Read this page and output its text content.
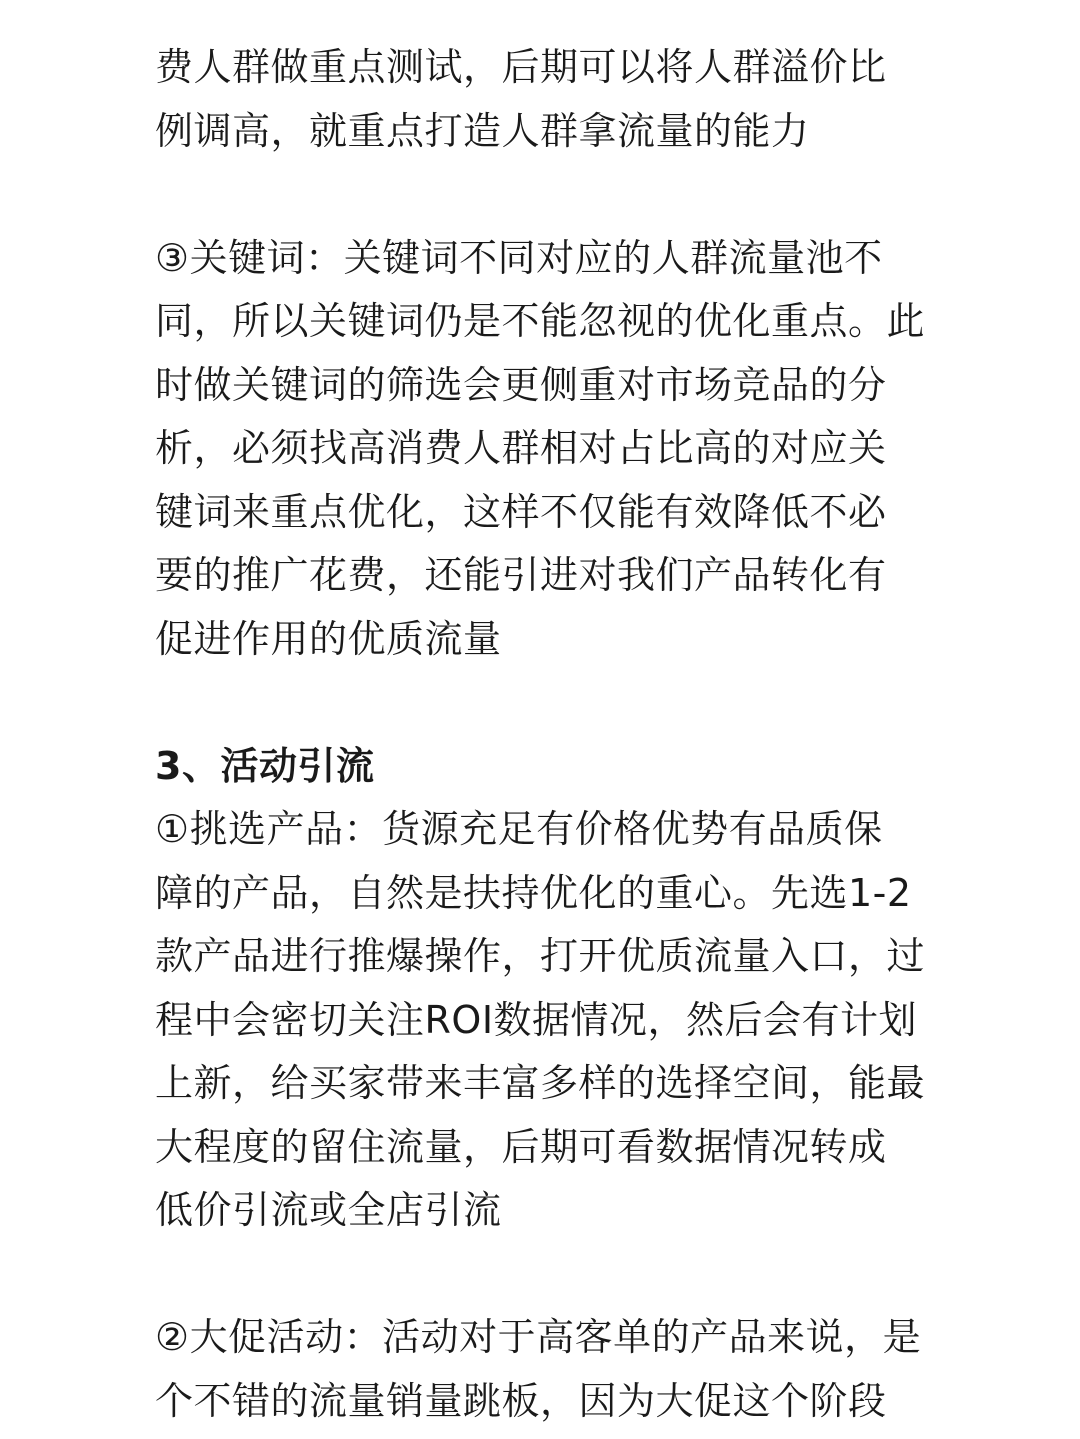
费人群做重点测试，后期可以将人群溢价比
例调高，就重点打造人群拿流量的能力
③关键词：关键词不同对应的人群流量池不
同，所以关键词仍是不能忽视的优化重点。此
时做关键词的筛选会更侧重对市场竞品的分
析，必须找高消费人群相对占比高的对应关
键词来重点优化，这样不仅能有效降低不必
要的推广花费，还能引进对我们产品转化有
促进作用的优质流量
3、活动引流
①挑选产品：货源充足有价格优势有品质保
障的产品，自然是扶持优化的重心。先选1-2
款产品进行推爆操作，打开优质流量入口，过
程中会密切关注ROI数据情况，然后会有计划
上新，给买家带来丰富多样的选择空间，能最
大程度的留住流量，后期可看数据情况转成
低价引流或全店引流
②大促活动：活动对于高客单的产品来说，是
个不错的流量销量跳板，因为大促这个阶段
